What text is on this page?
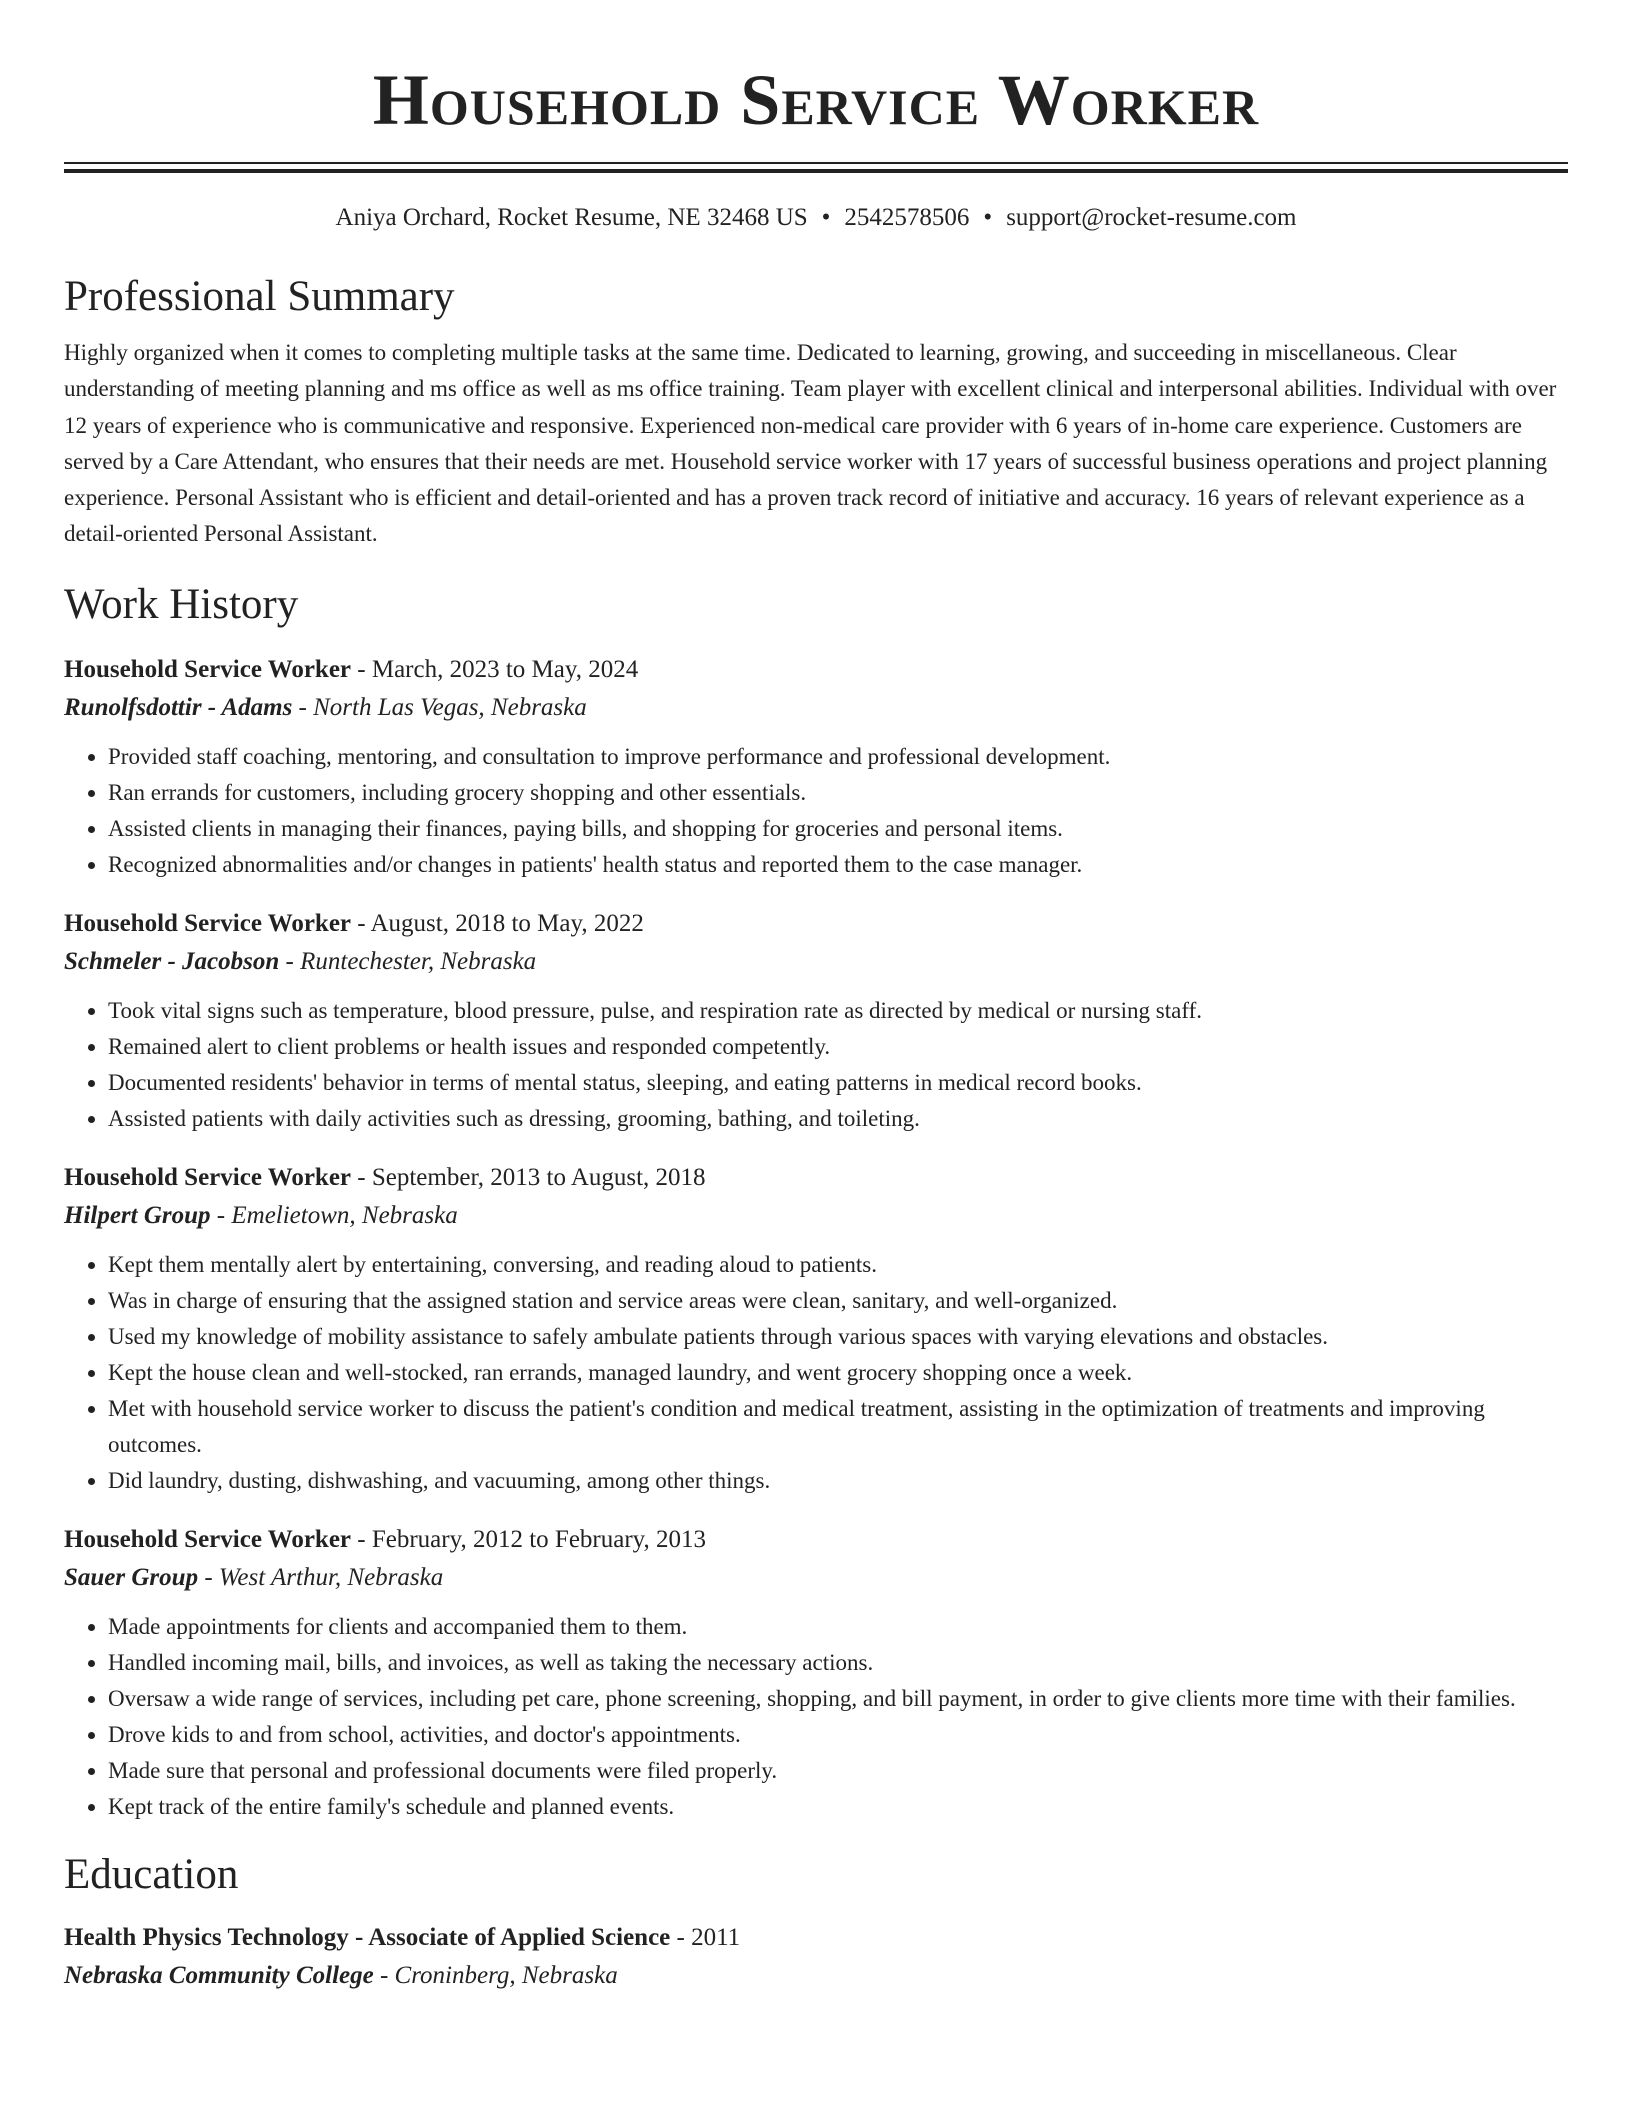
Household Service Worker
Aniya Orchard, Rocket Resume, NE 32468 US • 2542578506 • support@rocket-resume.com
Professional Summary
Highly organized when it comes to completing multiple tasks at the same time. Dedicated to learning, growing, and succeeding in miscellaneous. Clear understanding of meeting planning and ms office as well as ms office training. Team player with excellent clinical and interpersonal abilities. Individual with over 12 years of experience who is communicative and responsive. Experienced non-medical care provider with 6 years of in-home care experience. Customers are served by a Care Attendant, who ensures that their needs are met. Household service worker with 17 years of successful business operations and project planning experience. Personal Assistant who is efficient and detail-oriented and has a proven track record of initiative and accuracy. 16 years of relevant experience as a detail-oriented Personal Assistant.
Work History
Household Service Worker - March, 2023 to May, 2024
Runolfsdottir - Adams - North Las Vegas, Nebraska
• Provided staff coaching, mentoring, and consultation to improve performance and professional development.
• Ran errands for customers, including grocery shopping and other essentials.
• Assisted clients in managing their finances, paying bills, and shopping for groceries and personal items.
• Recognized abnormalities and/or changes in patients' health status and reported them to the case manager.
Household Service Worker - August, 2018 to May, 2022
Schmeler - Jacobson - Runtechester, Nebraska
• Took vital signs such as temperature, blood pressure, pulse, and respiration rate as directed by medical or nursing staff.
• Remained alert to client problems or health issues and responded competently.
• Documented residents' behavior in terms of mental status, sleeping, and eating patterns in medical record books.
• Assisted patients with daily activities such as dressing, grooming, bathing, and toileting.
Household Service Worker - September, 2013 to August, 2018
Hilpert Group - Emelietown, Nebraska
• Kept them mentally alert by entertaining, conversing, and reading aloud to patients.
• Was in charge of ensuring that the assigned station and service areas were clean, sanitary, and well-organized.
• Used my knowledge of mobility assistance to safely ambulate patients through various spaces with varying elevations and obstacles.
• Kept the house clean and well-stocked, ran errands, managed laundry, and went grocery shopping once a week.
• Met with household service worker to discuss the patient's condition and medical treatment, assisting in the optimization of treatments and improving outcomes.
• Did laundry, dusting, dishwashing, and vacuuming, among other things.
Household Service Worker - February, 2012 to February, 2013
Sauer Group - West Arthur, Nebraska
• Made appointments for clients and accompanied them to them.
• Handled incoming mail, bills, and invoices, as well as taking the necessary actions.
• Oversaw a wide range of services, including pet care, phone screening, shopping, and bill payment, in order to give clients more time with their families.
• Drove kids to and from school, activities, and doctor's appointments.
• Made sure that personal and professional documents were filed properly.
• Kept track of the entire family's schedule and planned events.
Education
Health Physics Technology - Associate of Applied Science - 2011
Nebraska Community College - Croninberg, Nebraska
